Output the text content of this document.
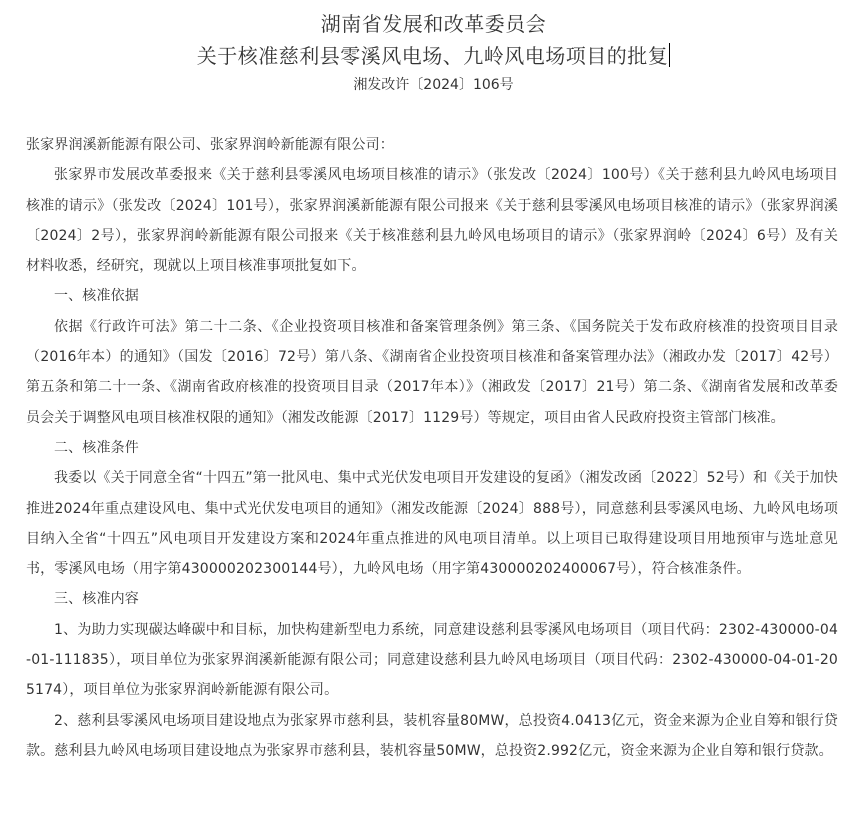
湖南省发展和改革委员会
关于核准慈利县零溪风电场、九岭风电场项目的批复
湘发改许〔2024〕106号

张家界润溪新能源有限公司、张家界润岭新能源有限公司：

张家界市发展改革委报来《关于慈利县零溪风电场项目核准的请示》（张发改〔2024〕100号）《关于慈利县九岭风电场项目核准的请示》（张发改〔2024〕101号），张家界润溪新能源有限公司报来《关于慈利县零溪风电场项目核准的请示》（张家界润溪〔2024〕2号），张家界润岭新能源有限公司报来《关于核准慈利县九岭风电场项目的请示》（张家界润岭〔2024〕6号）及有关材料收悉，经研究，现就以上项目核准事项批复如下。

一、核准依据

依据《行政许可法》第二十二条、《企业投资项目核准和备案管理条例》第三条、《国务院关于发布政府核准的投资项目目录（2016年本）的通知》（国发〔2016〕72号）第八条、《湖南省企业投资项目核准和备案管理办法》（湘政办发〔2017〕42号）第五条和第二十一条、《湖南省政府核准的投资项目目录（2017年本）》（湘政发〔2017〕21号）第二条、《湖南省发展和改革委员会关于调整风电项目核准权限的通知》（湘发改能源〔2017〕1129号）等规定，项目由省人民政府投资主管部门核准。

二、核准条件

我委以《关于同意全省“十四五”第一批风电、集中式光伏发电项目开发建设的复函》（湘发改函〔2022〕52号）和《关于加快推进2024年重点建设风电、集中式光伏发电项目的通知》（湘发改能源〔2024〕888号），同意慈利县零溪风电场、九岭风电场项目纳入全省“十四五”风电项目开发建设方案和2024年重点推进的风电项目清单。以上项目已取得建设项目用地预审与选址意见书，零溪风电场（用字第430000202300144号），九岭风电场（用字第430000202400067号），符合核准条件。

三、核准内容

1、为助力实现碳达峰碳中和目标，加快构建新型电力系统，同意建设慈利县零溪风电场项目（项目代码：2302-430000-04-01-111835），项目单位为张家界润溪新能源有限公司；同意建设慈利县九岭风电场项目（项目代码：2302-430000-04-01-205174），项目单位为张家界润岭新能源有限公司。

2、慈利县零溪风电场项目建设地点为张家界市慈利县，装机容量80MW，总投资4.0413亿元，资金来源为企业自筹和银行贷款。慈利县九岭风电场项目建设地点为张家界市慈利县，装机容量50MW，总投资2.992亿元，资金来源为企业自筹和银行贷款。
